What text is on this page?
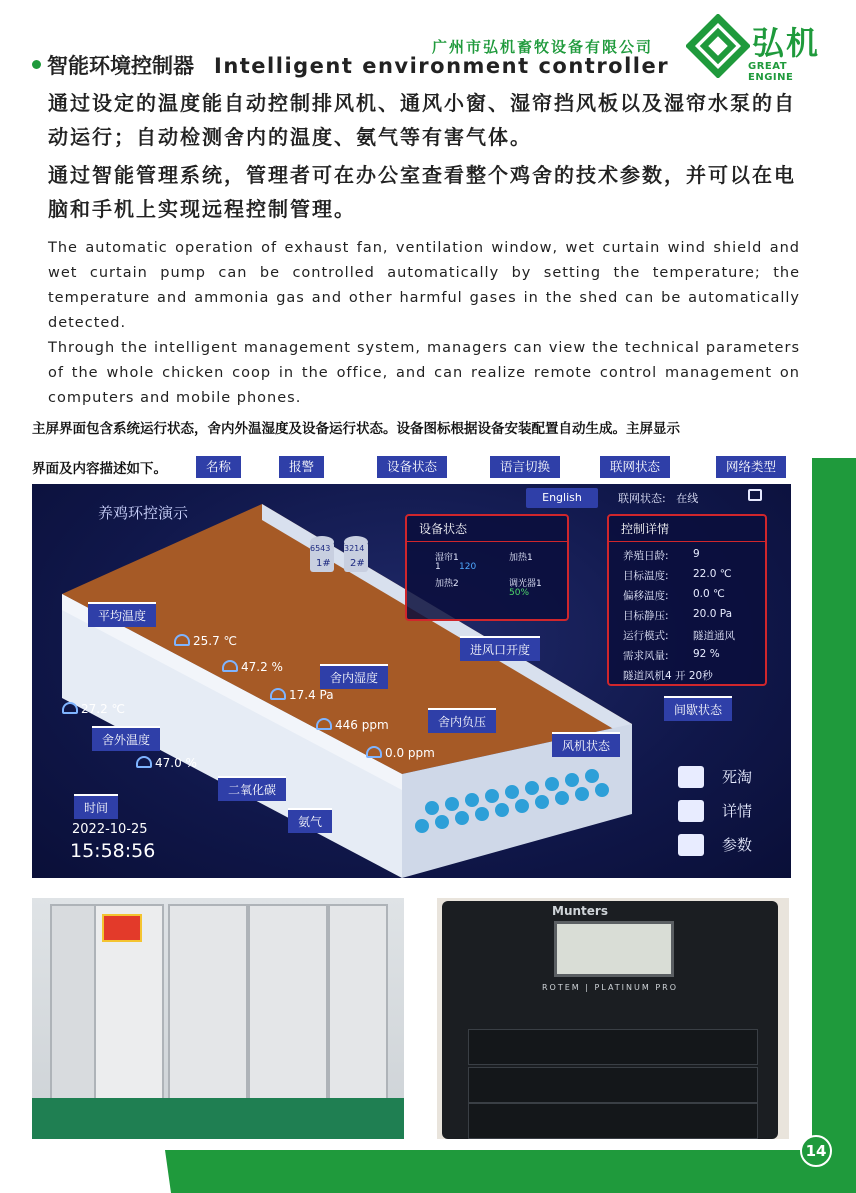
广州市弘机畜牧设备有限公司	弘机
GREAT ENGINE
智能环境控制器 Intelligent environment controller
通过设定的温度能自动控制排风机、通风小窗、湿帘挡风板以及湿帘水泵的自动运行；自动检测舍内的温度、氨气等有害气体。
通过智能管理系统，管理者可在办公室查看整个鸡舍的技术参数，并可以在电脑和手机上实现远程控制管理。
The automatic operation of exhaust fan, ventilation window, wet curtain wind shield and wet curtain pump can be controlled automatically by setting the temperature; the temperature and ammonia gas and other harmful gases in the shed can be automatically detected.
Through the intelligent management system, managers can view the technical parameters of the whole chicken coop in the office, and can realize remote control management on computers and mobile phones.
主屏界面包含系统运行状态，舍内外温湿度及设备运行状态。设备图标根据设备安装配置自动生成。主屏显示
界面及内容描述如下。	名称	报警	设备状态	语言切换	联网状态	网络类型
养鸡环控演示
English	联网状态: 在线
6543
1#
3214
2#
设备状态
湿帘1
1 120
加热1
加热2	调光器1
50%
控制详情
养殖日龄: 9
目标温度: 22.0 ℃
偏移温度: 0.0 ℃
目标静压: 20.0 Pa
运行模式: 隧道通风
需求风量: 92 %
隧道风机4 开 20秒
平均温度
进风口开度
舍内湿度
舍内负压
舍外温度	风机状态
二氧化碳
时间
氨气
间歇状态
25.7 ℃
47.2 %
17.4 Pa
446 ppm
0.0 ppm
27.2 ℃
47.0 %
2022-10-25
15:58:56
死淘
详情
参数
Munters
ROTEM | PLATINUM PRO
14
